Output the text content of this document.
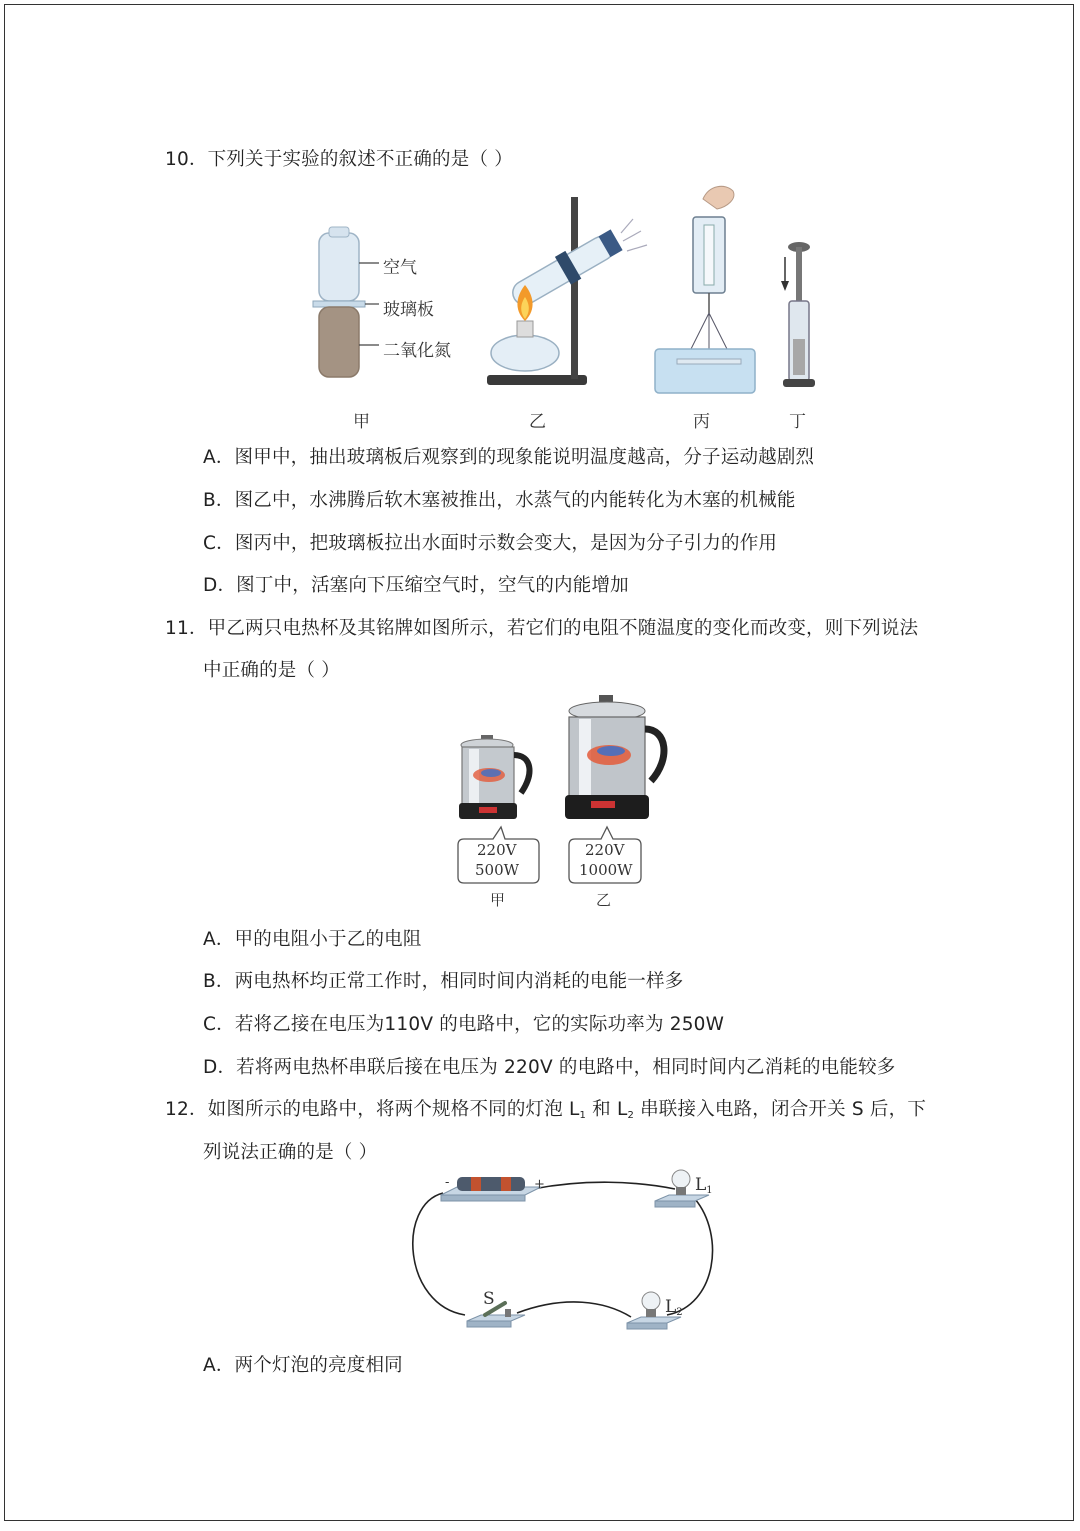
10．下列关于实验的叙述不正确的是（ ）
空气
玻璃板
二氧化氮
甲	乙	丙	丁
A．图甲中，抽出玻璃板后观察到的现象能说明温度越高，分子运动越剧烈
B．图乙中，水沸腾后软木塞被推出，水蒸气的内能转化为木塞的机械能
C．图丙中，把玻璃板拉出水面时示数会变大，是因为分子引力的作用
D．图丁中，活塞向下压缩空气时，空气的内能增加
11．甲乙两只电热杯及其铭牌如图所示，若它们的电阻不随温度的变化而改变，则下列说法
中正确的是（ ）
220V
500W
220V
1000W
甲	乙
A．甲的电阻小于乙的电阻
B．两电热杯均正常工作时，相同时间内消耗的电能一样多
C．若将乙接在电压为110V 的电路中，它的实际功率为 250W
D．若将两电热杯串联后接在电压为 220V 的电路中，相同时间内乙消耗的电能较多
12．如图所示的电路中，将两个规格不同的灯泡 L1 和 L2 串联接入电路，闭合开关 S 后，下
列说法正确的是（ ）
-	+	L1
L2
S
A．两个灯泡的亮度相同
